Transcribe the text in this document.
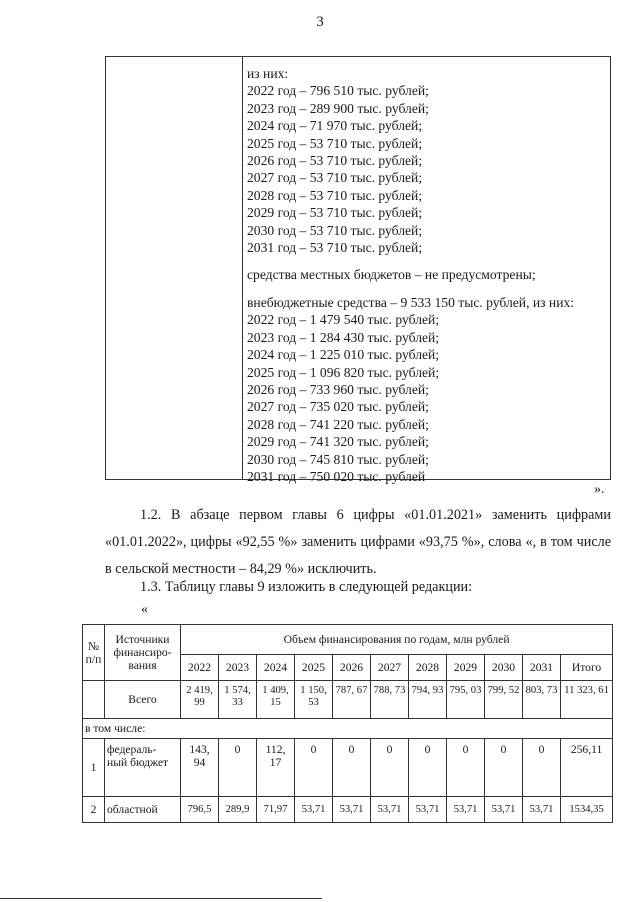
3
из них:
2022 год – 796 510 тыс. рублей;
2023 год – 289 900 тыс. рублей;
2024 год – 71 970 тыс. рублей;
2025 год – 53 710 тыс. рублей;
2026 год – 53 710 тыс. рублей;
2027 год – 53 710 тыс. рублей;
2028 год – 53 710 тыс. рублей;
2029 год – 53 710 тыс. рублей;
2030 год – 53 710 тыс. рублей;
2031 год – 53 710 тыс. рублей;
средства местных бюджетов – не предусмотрены;
внебюджетные средства – 9 533 150 тыс. рублей, из них:
2022 год – 1 479 540 тыс. рублей;
2023 год – 1 284 430 тыс. рублей;
2024 год – 1 225 010 тыс. рублей;
2025 год – 1 096 820 тыс. рублей;
2026 год – 733 960 тыс. рублей;
2027 год – 735 020 тыс. рублей;
2028 год – 741 220 тыс. рублей;
2029 год – 741 320 тыс. рублей;
2030 год – 745 810 тыс. рублей;
2031 год – 750 020 тыс. рублей
».
1.2. В абзаце первом главы 6 цифры «01.01.2021» заменить цифрами «01.01.2022», цифры «92,55 %» заменить цифрами «93,75 %», слова «, в том числе в сельской местности – 84,29 %» исключить.
1.3. Таблицу главы 9 изложить в следующей редакции:
«
№ п/п	Источники финансиро- вания	Объем финансирования по годам, млн рублей										
		2022	2023	2024	2025	2026	2027	2028	2029	2030	2031	Итого
	Всего	2 419, 99	1 574, 33	1 409, 15	1 150, 53	787, 67	788, 73	794, 93	795, 03	799, 52	803, 73	11 323, 61
в том числе:												
1	федераль- ный бюджет	143, 94	0	112, 17	0	0	0	0	0	0	0	256,11
2	областной	796,5	289,9	71,97	53,71	53,71	53,71	53,71	53,71	53,71	53,71	1534,35
